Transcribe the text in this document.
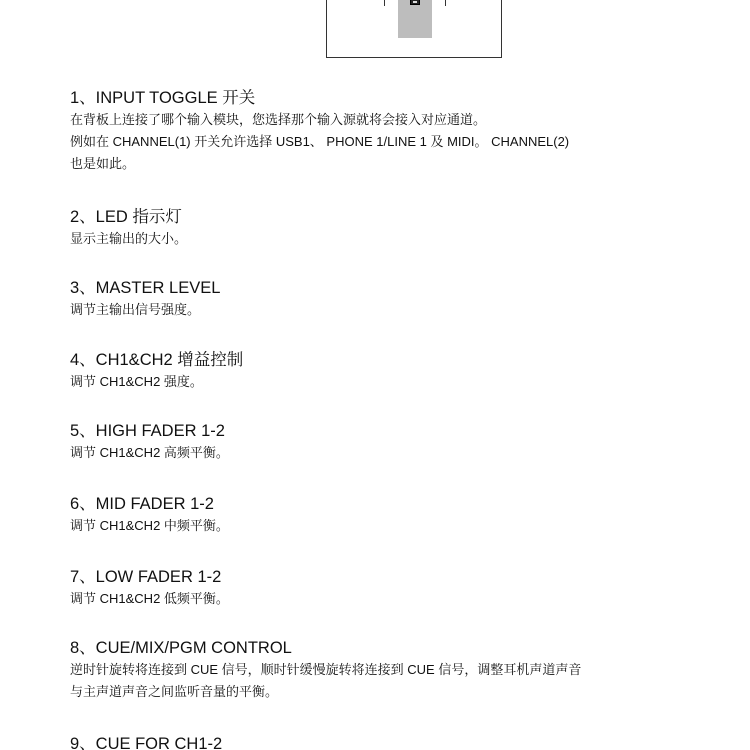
1、INPUT TOGGLE 开关
在背板上连接了哪个输入模块，您选择那个输入源就将会接入对应通道。
例如在 CHANNEL(1) 开关允许选择 USB1、 PHONE 1/LINE 1 及 MIDI。 CHANNEL(2)
也是如此。
2、LED 指示灯
显示主输出的大小。
3、MASTER LEVEL
调节主输出信号强度。
4、CH1&CH2 增益控制
调节 CH1&CH2 强度。
5、HIGH FADER 1-2
调节 CH1&CH2 高频平衡。
6、MID FADER 1-2
调节 CH1&CH2 中频平衡。
7、LOW FADER 1-2
调节 CH1&CH2 低频平衡。
8、CUE/MIX/PGM CONTROL
逆时针旋转将连接到 CUE 信号，顺时针缓慢旋转将连接到 CUE 信号，调整耳机声道声音
与主声道声音之间监听音量的平衡。
9、CUE FOR CH1-2
